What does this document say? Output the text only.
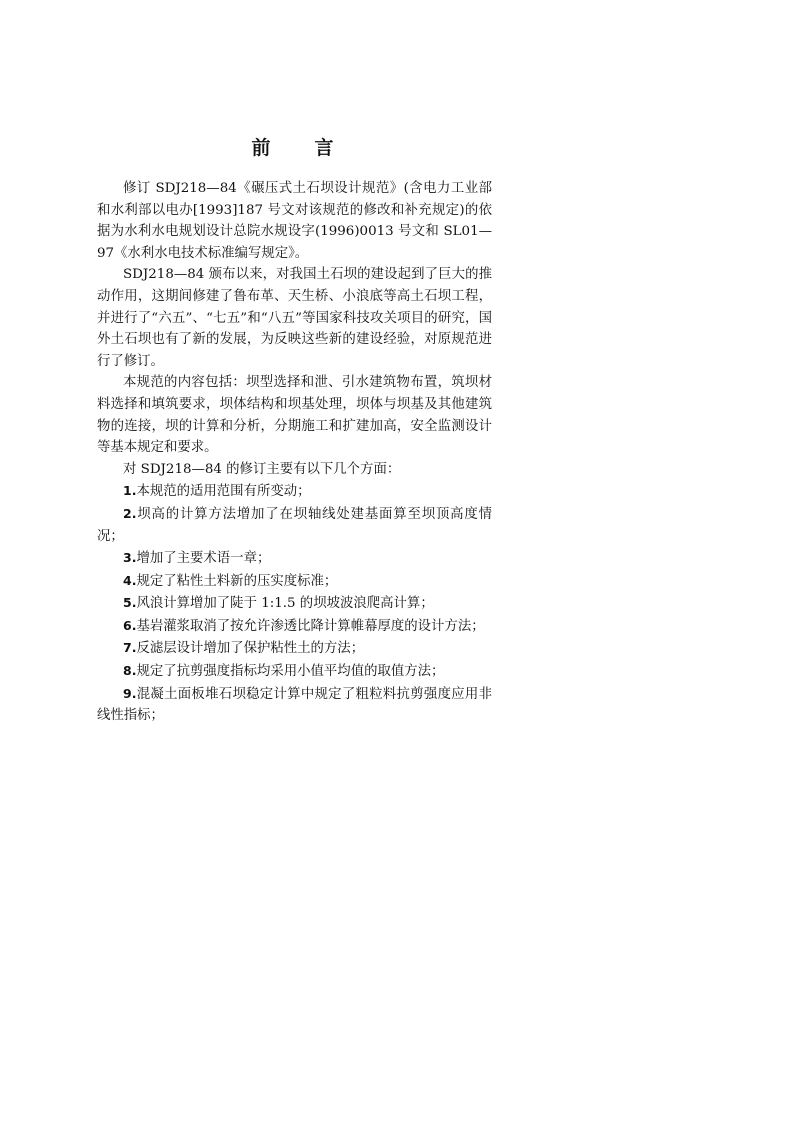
前 言

修订 SDJ218—84《碾压式土石坝设计规范》(含电力工业部和水利部以电办[1993]187 号文对该规范的修改和补充规定)的依据为水利水电规划设计总院水规设字(1996)0013 号文和 SL01—97《水利水电技术标准编写规定》。

SDJ218—84 颁布以来，对我国土石坝的建设起到了巨大的推动作用，这期间修建了鲁布革、天生桥、小浪底等高土石坝工程，并进行了“六五”、“七五”和“八五”等国家科技攻关项目的研究，国外土石坝也有了新的发展，为反映这些新的建设经验，对原规范进行了修订。

本规范的内容包括：坝型选择和泄、引水建筑物布置，筑坝材料选择和填筑要求，坝体结构和坝基处理，坝体与坝基及其他建筑物的连接，坝的计算和分析，分期施工和扩建加高，安全监测设计等基本规定和要求。

对 SDJ218—84 的修订主要有以下几个方面：

1.本规范的适用范围有所变动；

2.坝高的计算方法增加了在坝轴线处建基面算至坝顶高度情况；

3.增加了主要术语一章；

4.规定了粘性土料新的压实度标准；

5.风浪计算增加了陡于 1:1.5 的坝坡波浪爬高计算；

6.基岩灌浆取消了按允许渗透比降计算帷幕厚度的设计方法；

7.反滤层设计增加了保护粘性土的方法；

8.规定了抗剪强度指标均采用小值平均值的取值方法；

9.混凝土面板堆石坝稳定计算中规定了粗粒料抗剪强度应用非线性指标；
